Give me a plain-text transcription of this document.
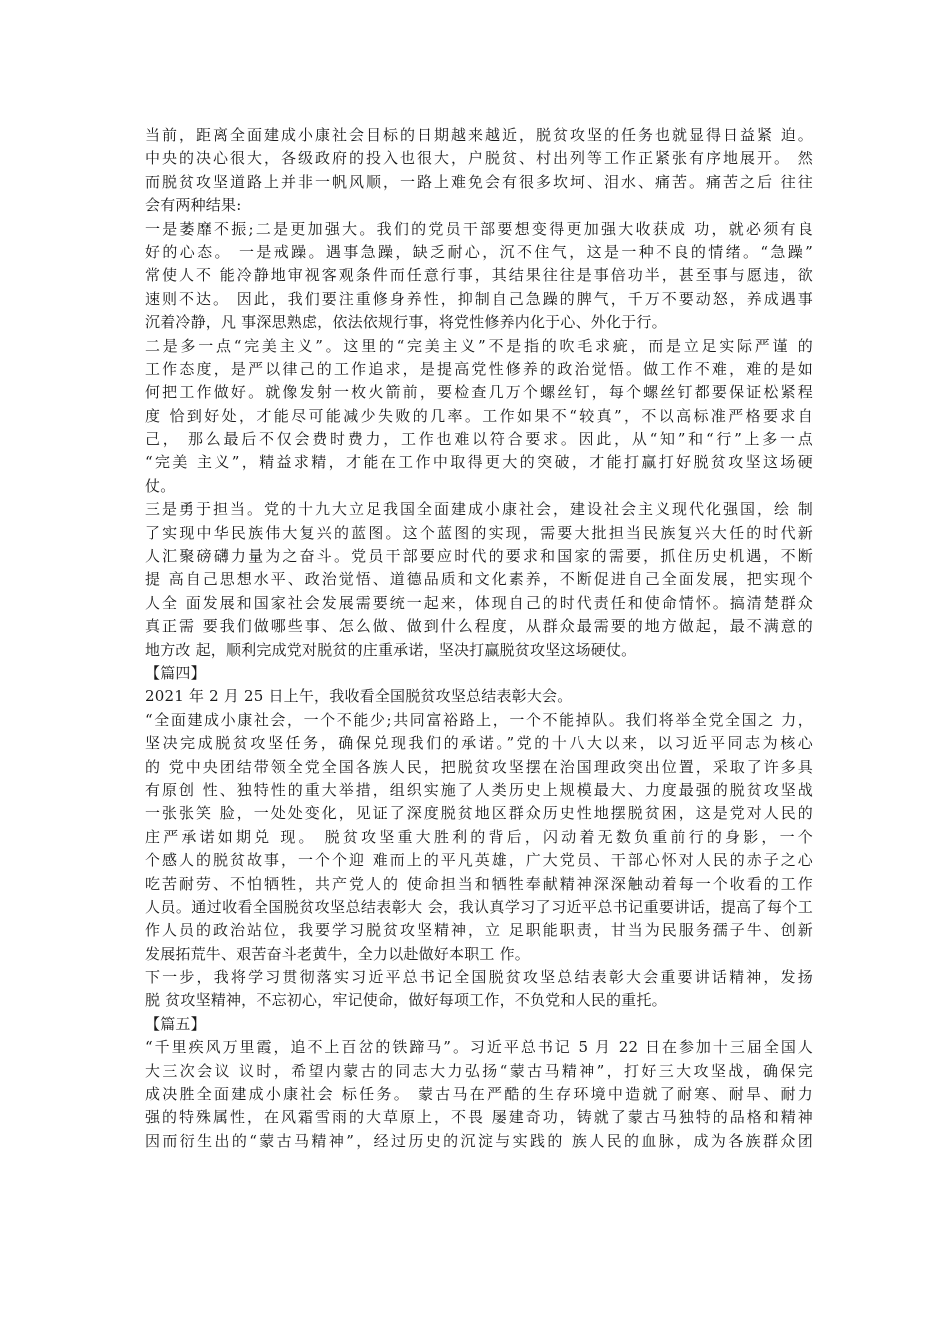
当前，距离全面建成小康社会目标的日期越来越近，脱贫攻坚的任务也就显得日益紧 迫。
中央的决心很大，各级政府的投入也很大，户脱贫、村出列等工作正紧张有序地展开。 然
而脱贫攻坚道路上并非一帆风顺，一路上难免会有很多坎坷、泪水、痛苦。痛苦之后 往往
会有两种结果:
一是萎靡不振;二是更加强大。我们的党员干部要想变得更加强大收获成 功，就必须有良
好的心态。 一是戒躁。遇事急躁，缺乏耐心，沉不住气，这是一种不良的情绪。“急躁”
常使人不 能冷静地审视客观条件而任意行事，其结果往往是事倍功半，甚至事与愿违，欲
速则不达。 因此，我们要注重修身养性，抑制自己急躁的脾气，千万不要动怒，养成遇事
沉着冷静，凡 事深思熟虑，依法依规行事，将党性修养内化于心、外化于行。
二是多一点“完美主义”。这里的“完美主义”不是指的吹毛求疵，而是立足实际严谨 的
工作态度，是严以律己的工作追求，是提高党性修养的政治觉悟。做工作不难，难的是如
何把工作做好。就像发射一枚火箭前，要检查几万个螺丝钉，每个螺丝钉都要保证松紧程
度 恰到好处，才能尽可能减少失败的几率。工作如果不“较真”，不以高标准严格要求自
己， 那么最后不仅会费时费力，工作也难以符合要求。因此，从“知”和“行”上多一点
“完美 主义”，精益求精，才能在工作中取得更大的突破，才能打赢打好脱贫攻坚这场硬
仗。
三是勇于担当。党的十九大立足我国全面建成小康社会，建设社会主义现代化强国，绘 制
了实现中华民族伟大复兴的蓝图。这个蓝图的实现，需要大批担当民族复兴大任的时代新
人汇聚磅礴力量为之奋斗。党员干部要应时代的要求和国家的需要，抓住历史机遇，不断
提 高自己思想水平、政治觉悟、道德品质和文化素养，不断促进自己全面发展，把实现个
人全 面发展和国家社会发展需要统一起来，体现自己的时代责任和使命情怀。搞清楚群众
真正需 要我们做哪些事、怎么做、做到什么程度，从群众最需要的地方做起，最不满意的
地方改 起，顺利完成党对脱贫的庄重承诺，坚决打赢脱贫攻坚这场硬仗。
【篇四】
2021 年 2 月 25 日上午，我收看全国脱贫攻坚总结表彰大会。
“全面建成小康社会，一个不能少;共同富裕路上，一个不能掉队。我们将举全党全国之 力，
坚决完成脱贫攻坚任务，确保兑现我们的承诺。”党的十八大以来，以习近平同志为核心
的 党中央团结带领全党全国各族人民，把脱贫攻坚摆在治国理政突出位置，采取了许多具
有原创 性、独特性的重大举措，组织实施了人类历史上规模最大、力度最强的脱贫攻坚战
一张张笑 脸，一处处变化，见证了深度脱贫地区群众历史性地摆脱贫困，这是党对人民的
庄严承诺如期兑 现。 脱贫攻坚重大胜利的背后，闪动着无数负重前行的身影，一个
个感人的脱贫故事，一个个迎 难而上的平凡英雄，广大党员、干部心怀对人民的赤子之心
吃苦耐劳、不怕牺牲，共产党人的 使命担当和牺牲奉献精神深深触动着每一个收看的工作
人员。通过收看全国脱贫攻坚总结表彰大 会，我认真学习了习近平总书记重要讲话，提高了每个工
作人员的政治站位，我要学习脱贫攻坚精神，立 足职能职责，甘当为民服务孺子牛、创新
发展拓荒牛、艰苦奋斗老黄牛，全力以赴做好本职工 作。
下一步，我将学习贯彻落实习近平总书记全国脱贫攻坚总结表彰大会重要讲话精神，发扬
脱 贫攻坚精神，不忘初心，牢记使命，做好每项工作，不负党和人民的重托。
【篇五】
“千里疾风万里霞，追不上百岔的铁蹄马”。习近平总书记 5 月 22 日在参加十三届全国人
大三次会议 议时，希望内蒙古的同志大力弘扬“蒙古马精神”，打好三大攻坚战，确保完
成决胜全面建成小康社会 标任务。 蒙古马在严酷的生存环境中造就了耐寒、耐旱、耐力
强的特殊属性，在风霜雪雨的大草原上，不畏 屡建奇功，铸就了蒙古马独特的品格和精神
因而衍生出的“蒙古马精神”，经过历史的沉淀与实践的 族人民的血脉，成为各族群众团
